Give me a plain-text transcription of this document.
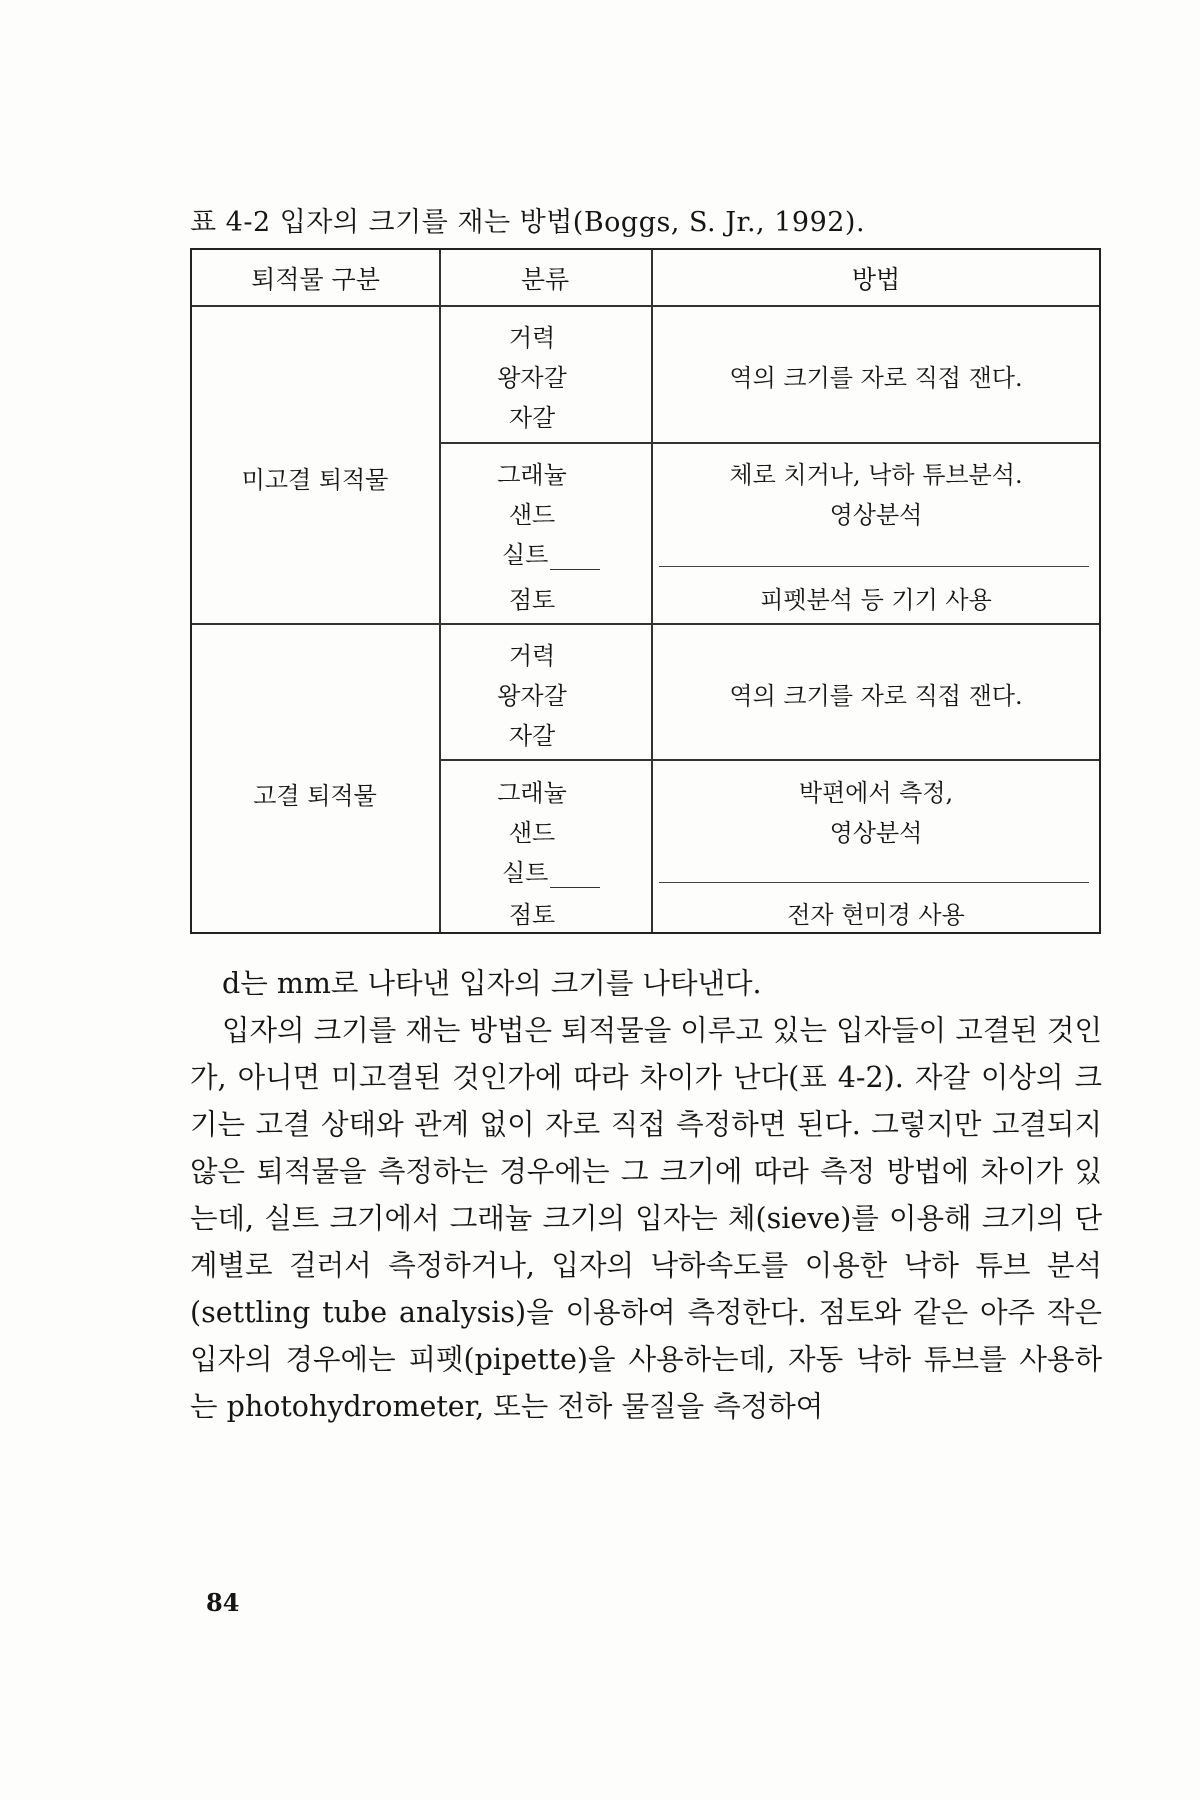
표 4-2 입자의 크기를 재는 방법(Boggs, S. Jr., 1992).
퇴적물 구분	분류	방법
미고결 퇴적물
거력
왕자갈
자갈
역의 크기를 자로 직접 잰다.
그래뉼
샌드
실트
점토
체로 치거나, 낙하 튜브분석.
영상분석
피펫분석 등 기기 사용
고결 퇴적물
거력
왕자갈
자갈
역의 크기를 자로 직접 잰다.
그래뉼
샌드
실트
점토
박편에서 측정,
영상분석
전자 현미경 사용

d는 mm로 나타낸 입자의 크기를 나타낸다.

입자의 크기를 재는 방법은 퇴적물을 이루고 있는 입자들이 고결된 것인가, 아니면 미고결된 것인가에 따라 차이가 난다(표 4-2). 자갈 이상의 크기는 고결 상태와 관계 없이 자로 직접 측정하면 된다. 그렇지만 고결되지 않은 퇴적물을 측정하는 경우에는 그 크기에 따라 측정 방법에 차이가 있는데, 실트 크기에서 그래뉼 크기의 입자는 체(sieve)를 이용해 크기의 단계별로 걸러서 측정하거나, 입자의 낙하속도를 이용한 낙하 튜브 분석(settling tube analysis)을 이용하여 측정한다. 점토와 같은 아주 작은 입자의 경우에는 피펫(pipette)을 사용하는데, 자동 낙하 튜브를 사용하는 photohydrometer, 또는 전하 물질을 측정하여

84
